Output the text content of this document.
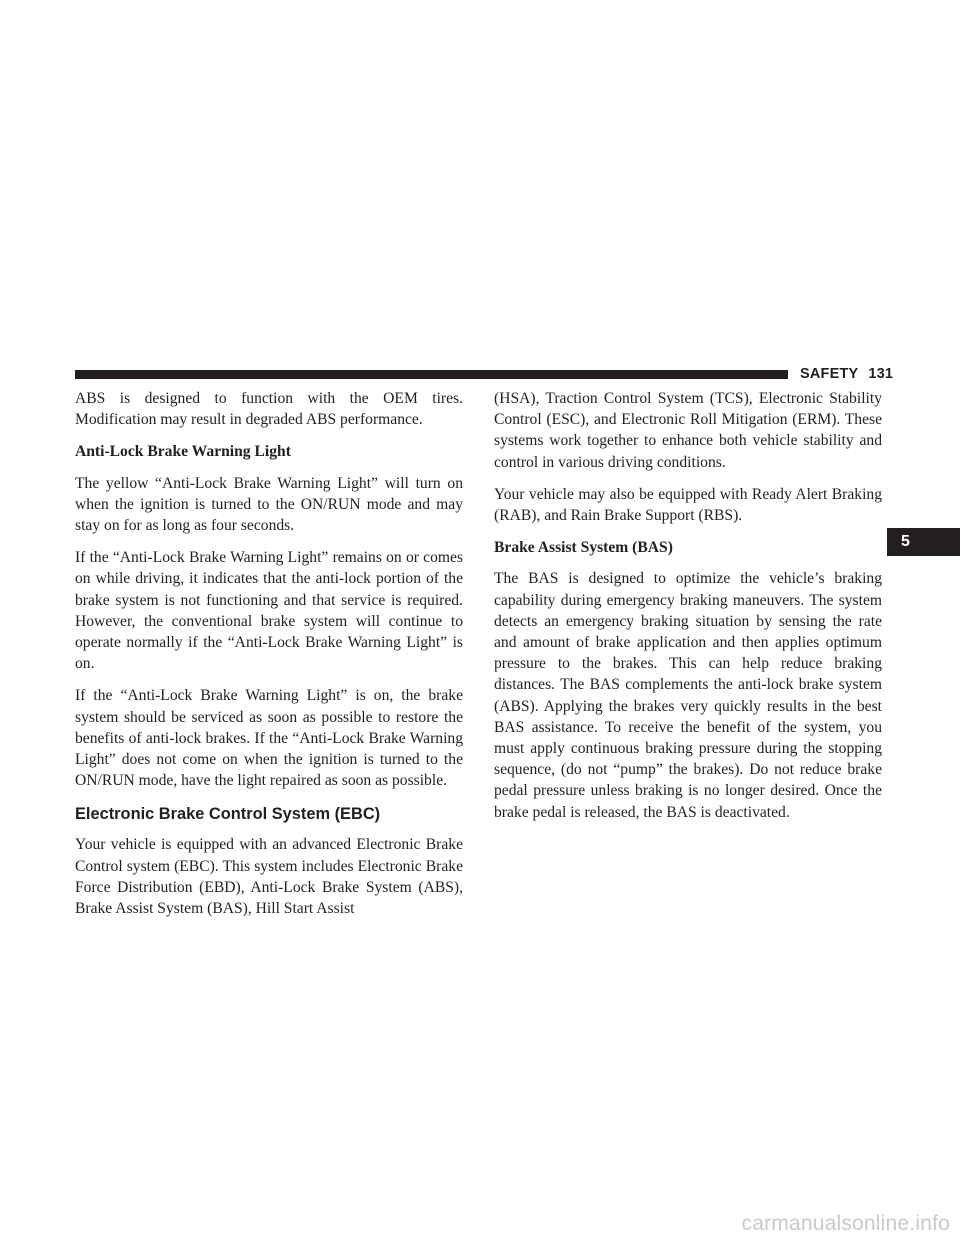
SAFETY 131

ABS is designed to function with the OEM tires. Modification may result in degraded ABS performance.

Anti-Lock Brake Warning Light

The yellow “Anti-Lock Brake Warning Light” will turn on when the ignition is turned to the ON/RUN mode and may stay on for as long as four seconds.

If the “Anti-Lock Brake Warning Light” remains on or comes on while driving, it indicates that the anti-lock portion of the brake system is not functioning and that service is required. However, the conventional brake system will continue to operate normally if the “Anti-Lock Brake Warning Light” is on.

If the “Anti-Lock Brake Warning Light” is on, the brake system should be serviced as soon as possible to restore the benefits of anti-lock brakes. If the “Anti-Lock Brake Warning Light” does not come on when the ignition is turned to the ON/RUN mode, have the light repaired as soon as possible.

Electronic Brake Control System (EBC)

Your vehicle is equipped with an advanced Electronic Brake Control system (EBC). This system includes Electronic Brake Force Distribution (EBD), Anti-Lock Brake System (ABS), Brake Assist System (BAS), Hill Start Assist

(HSA), Traction Control System (TCS), Electronic Stability Control (ESC), and Electronic Roll Mitigation (ERM). These systems work together to enhance both vehicle stability and control in various driving conditions.

Your vehicle may also be equipped with Ready Alert Braking (RAB), and Rain Brake Support (RBS).

Brake Assist System (BAS)

The BAS is designed to optimize the vehicle’s braking capability during emergency braking maneuvers. The system detects an emergency braking situation by sensing the rate and amount of brake application and then applies optimum pressure to the brakes. This can help reduce braking distances. The BAS complements the anti-lock brake system (ABS). Applying the brakes very quickly results in the best BAS assistance. To receive the benefit of the system, you must apply continuous braking pressure during the stopping sequence, (do not “pump” the brakes). Do not reduce brake pedal pressure unless braking is no longer desired. Once the brake pedal is released, the BAS is deactivated.

5
carmanualsonline.info
